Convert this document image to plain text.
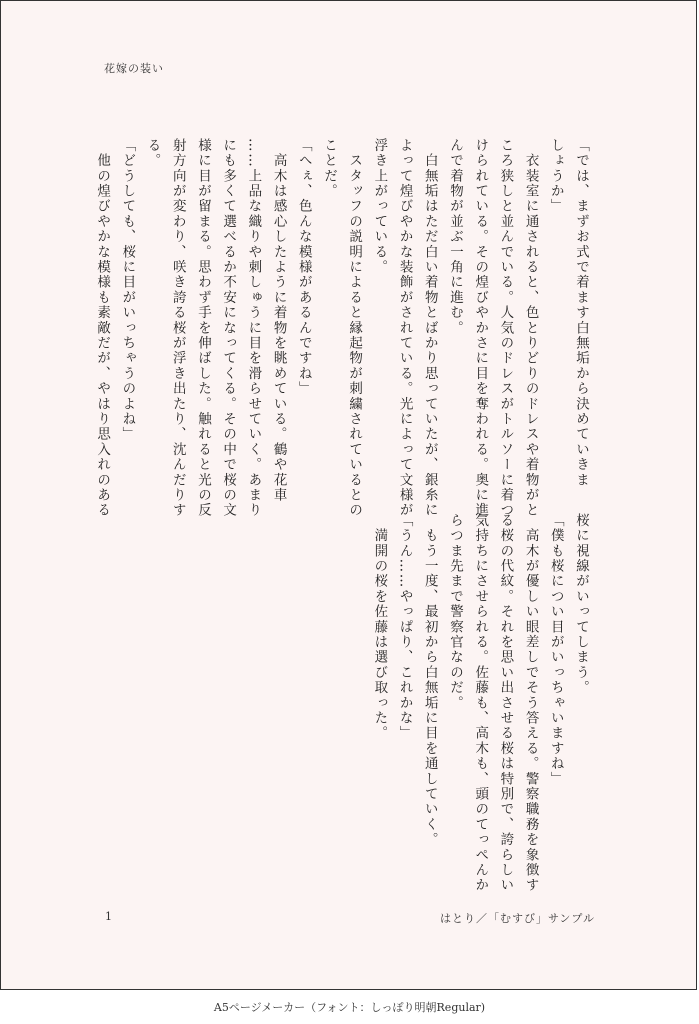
花嫁の装い

「では、まずお式で着ます白無垢から決めていきま

しょうか」

　衣装室に通されると、色とりどりのドレスや着物がと

ころ狭しと並んでいる。人気のドレスがトルソーに着つ

けられている。その煌びやかさに目を奪われる。奥に進

んで着物が並ぶ一角に進む。

　白無垢はただ白い着物とばかり思っていたが、銀糸に

よって煌びやかな装飾がされている。光によって文様が

浮き上がっている。

　スタッフの説明によると縁起物が刺繍されているとの

ことだ。

「へぇ、色んな模様があるんですね」

　高木は感心したように着物を眺めている。鶴や花車

……上品な織りや刺しゅうに目を滑らせていく。あまり

にも多くて選べるか不安になってくる。その中で桜の文

様に目が留まる。思わず手を伸ばした。触れると光の反

射方向が変わり、咲き誇る桜が浮き出たり、沈んだりす

る。

「どうしても、桜に目がいっちゃうのよね」

　他の煌びやかな模様も素敵だが、やはり思入れのある

桜に視線がいってしまう。

「僕も桜につい目がいっちゃいますね」

　高木が優しい眼差しでそう答える。警察職務を象徴す

る桜の代紋。それを思い出させる桜は特別で、誇らしい

気持ちにさせられる。佐藤も、高木も、頭のてっぺんか

らつま先まで警察官なのだ。

　もう一度、最初から白無垢に目を通していく。

「うん……やっぱり、これかな」

　満開の桜を佐藤は選び取った。

1	はとり／「むすび」サンプル
A5ページメーカー（フォント：しっぽり明朝Regular)
